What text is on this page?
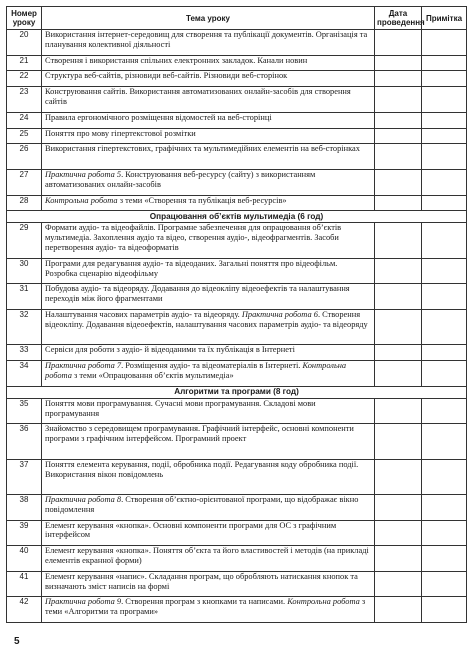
Номер уроку	Тема уроку	Дата проведення	Примітка
20	Використання інтернет-середовищ для створення та публікації документів. Організація та планування колективної діяльності		
21	Створення і використання спільних електронних закладок. Канали новин		
22	Структура веб-сайтів, різновиди веб-сайтів. Різновиди веб-сторінок		
23	Конструювання сайтів. Використання автоматизованих онлайн-засобів для створення сайтів		
24	Правила ергономічного розміщення відомостей на веб-сторінці		
25	Поняття про мову гіпертекстової розмітки		
26	Використання гіпертекстових, графічних та мультимедійних елементів на веб-сторінках		
27	Практична робота 5. Конструювання веб-ресурсу (сайту) з використанням автоматизованих онлайн-засобів		
28	Контрольна робота з теми «Створення та публікація веб-ресурсів»		
Опрацювання об’єктів мультимедіа (6 год)			
29	Формати аудіо- та відеофайлів. Програмне забезпечення для опрацювання об’єктів мультимедіа. Захоплення аудіо та відео, створення аудіо-, відеофрагментів. Засоби перетворення аудіо- та відеоформатів		
30	Програми для редагування аудіо- та відеоданих. Загальні поняття про відеофільм. Розробка сценарію відеофільму		
31	Побудова аудіо- та відеоряду. Додавання до відеокліпу відеоефектів та налаштування переходів між його фрагментами		
32	Налаштування часових параметрів аудіо- та відеоряду. Практична робота 6. Створення відеокліпу. Додавання відеоефектів, налаштування часових параметрів аудіо- та відеоряду		
33	Сервіси для роботи з аудіо- й відеоданими та їх публікація в Інтернеті		
34	Практична робота 7. Розміщення аудіо- та відеоматеріалів в Інтернеті. Контрольна робота з теми «Опрацювання об’єктів мультимедіа»		
Алгоритми та програми (8 год)			
35	Поняття мови програмування. Сучасні мови програмування. Складові мови програмування		
36	Знайомство з середовищем програмування. Графічний інтерфейс, основні компоненти програми з графічним інтерфейсом. Програмний проект		
37	Поняття елемента керування, події, обробника події. Редагування коду обробника події. Використання вікон повідомлень		
38	Практична робота 8. Створення об’єктно-орієнтованої програми, що відображає вікно повідомлення		
39	Елемент керування «кнопка». Основні компоненти програми для ОС з графічним інтерфейсом		
40	Елемент керування «кнопка». Поняття об’єкта та його властивостей і методів (на прикладі елементів екранної форми)		
41	Елемент керування «напис». Складання програм, що обробляють натискання кнопок та визначають зміст написів на формі		
42	Практична робота 9. Створення програм з кнопками та написами. Контрольна робота з теми «Алгоритми та програми»		
5
